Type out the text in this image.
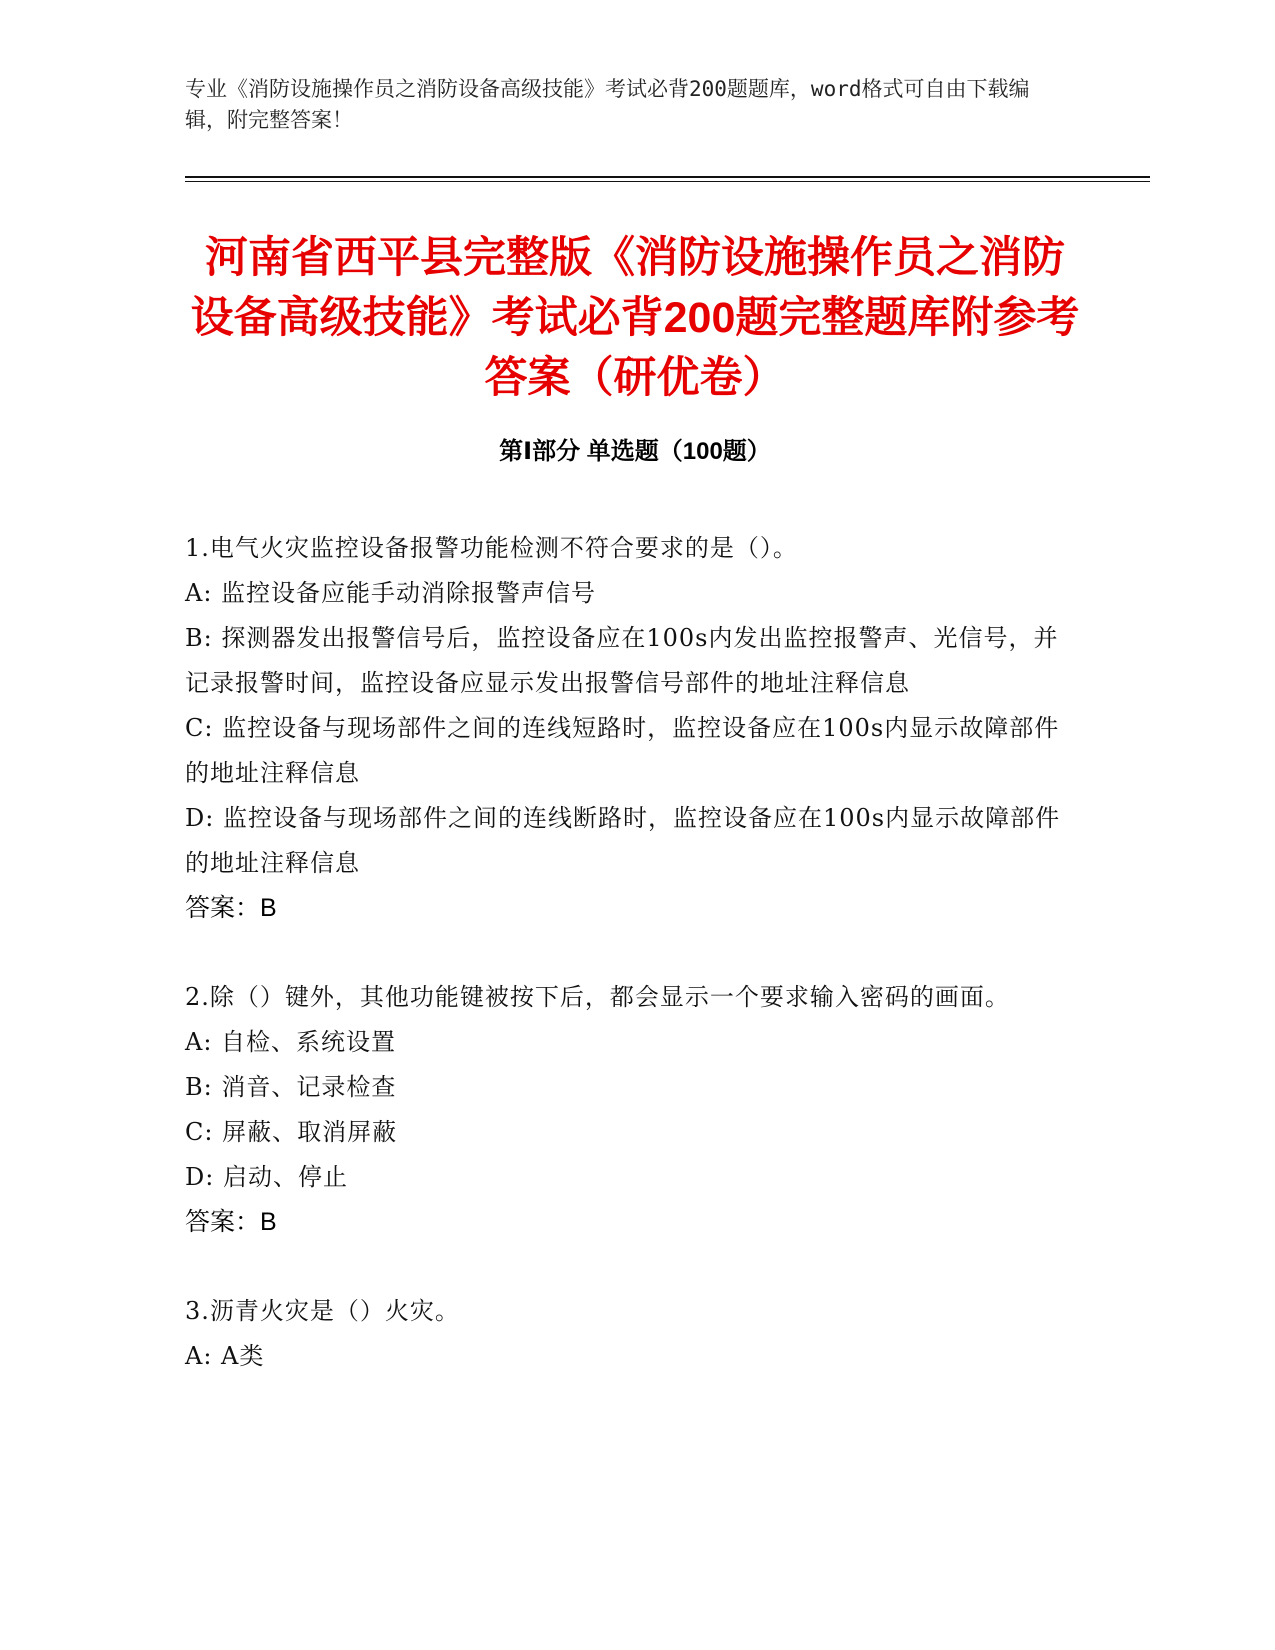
专业《消防设施操作员之消防设备高级技能》考试必背200题题库，word格式可自由下载编辑，附完整答案！
河南省西平县完整版《消防设施操作员之消防设备高级技能》考试必背200题完整题库附参考答案（研优卷）
第Ⅰ部分 单选题（100题）
1.电气火灾监控设备报警功能检测不符合要求的是（）。
A: 监控设备应能手动消除报警声信号
B: 探测器发出报警信号后，监控设备应在100s内发出监控报警声、光信号，并记录报警时间，监控设备应显示发出报警信号部件的地址注释信息
C: 监控设备与现场部件之间的连线短路时，监控设备应在100s内显示故障部件的地址注释信息
D: 监控设备与现场部件之间的连线断路时，监控设备应在100s内显示故障部件的地址注释信息
答案：B
2.除（）键外，其他功能键被按下后，都会显示一个要求输入密码的画面。
A: 自检、系统设置
B: 消音、记录检查
C: 屏蔽、取消屏蔽
D: 启动、停止
答案：B
3.沥青火灾是（）火灾。
A: A类
